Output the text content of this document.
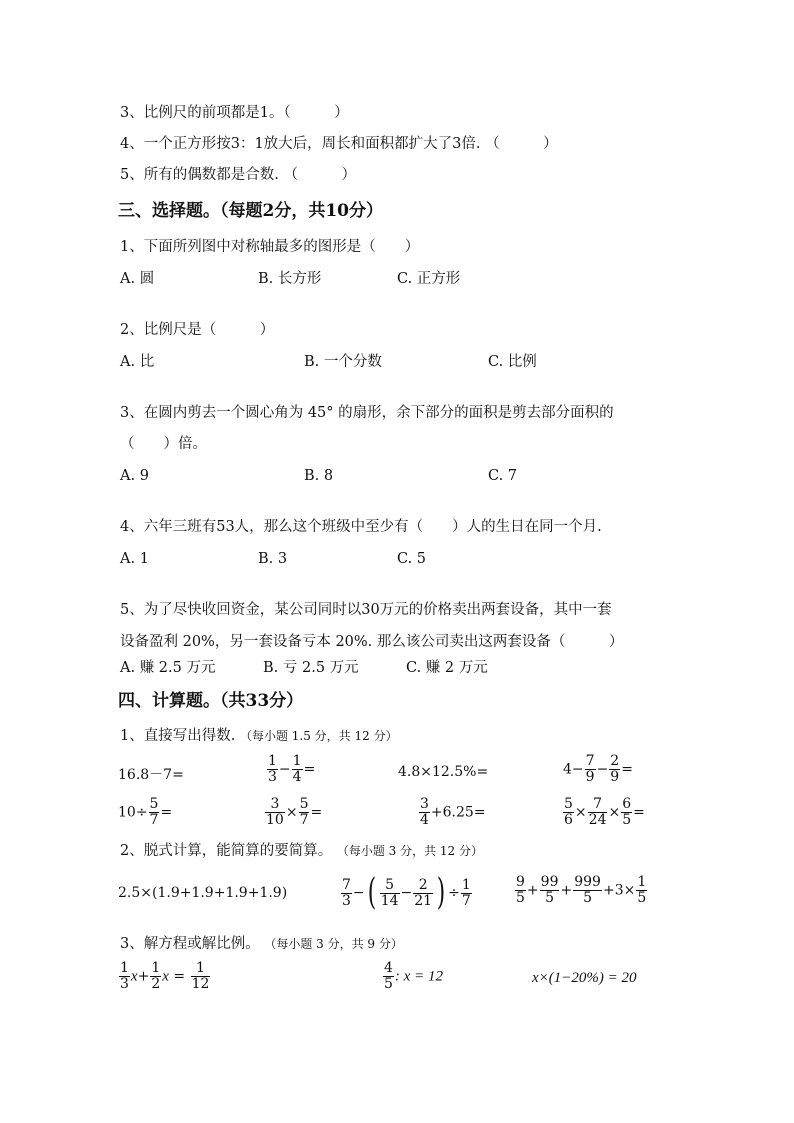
3、比例尺的前项都是1。（　　　）
4、一个正方形按3：1放大后，周长和面积都扩大了3倍. （　　　）
5、所有的偶数都是合数. （　　　）
三、选择题。（每题2分，共10分）
1、下面所列图中对称轴最多的图形是（　　）
A. 圆	B. 长方形	C. 正方形
2、比例尺是（　　　）
A. 比	B. 一个分数	C. 比例
3、在圆内剪去一个圆心角为 45° 的扇形，余下部分的面积是剪去部分面积的
（　　）倍。
A. 9	B. 8	C. 7
4、六年三班有53人，那么这个班级中至少有（　　）人的生日在同一个月.
A. 1	B. 3	C. 5
5、为了尽快收回资金，某公司同时以30万元的价格卖出两套设备，其中一套
设备盈利 20%，另一套设备亏本 20%. 那么该公司卖出这两套设备（　　　）
A. 赚 2.5 万元	B. 亏 2.5 万元	C. 赚 2 万元
四、计算题。（共33分）
1、直接写出得数. （每小题 1.5 分，共 12 分）
16.8－7=	$\frac{1}{3} - \frac{1}{4}$ =	4.8×12.5%=	$4- \frac{7}{9} - \frac{2}{9}$ =
$10\div \frac{5}{7}$ =	$\frac{3}{10} \times \frac{5}{7}$ =	$\frac{3}{4} +6.25=$	$\frac{5}{6} \times \frac{7}{24} \times \frac{6}{5}$ =
2、脱式计算，能简算的要简算。 （每小题 3 分，共 12 分）
2.5×(1.9+1.9+1.9+1.9)	$\frac{7}{3}$ −( $\frac{5}{14} - \frac{2}{21}$ ) ÷ $\frac{1}{7}$	$\frac{9}{5} + \frac{99}{5} + \frac{999}{5} +3\times \frac{1}{5}$
3、解方程或解比例。 （每小题 3 分，共 9 分）
$\frac{1}{3} x+ \frac{1}{2}$ $x = \frac{1}{12}$	$\frac{4}{5}$ : x = 12	x×(1−20%) = 20
